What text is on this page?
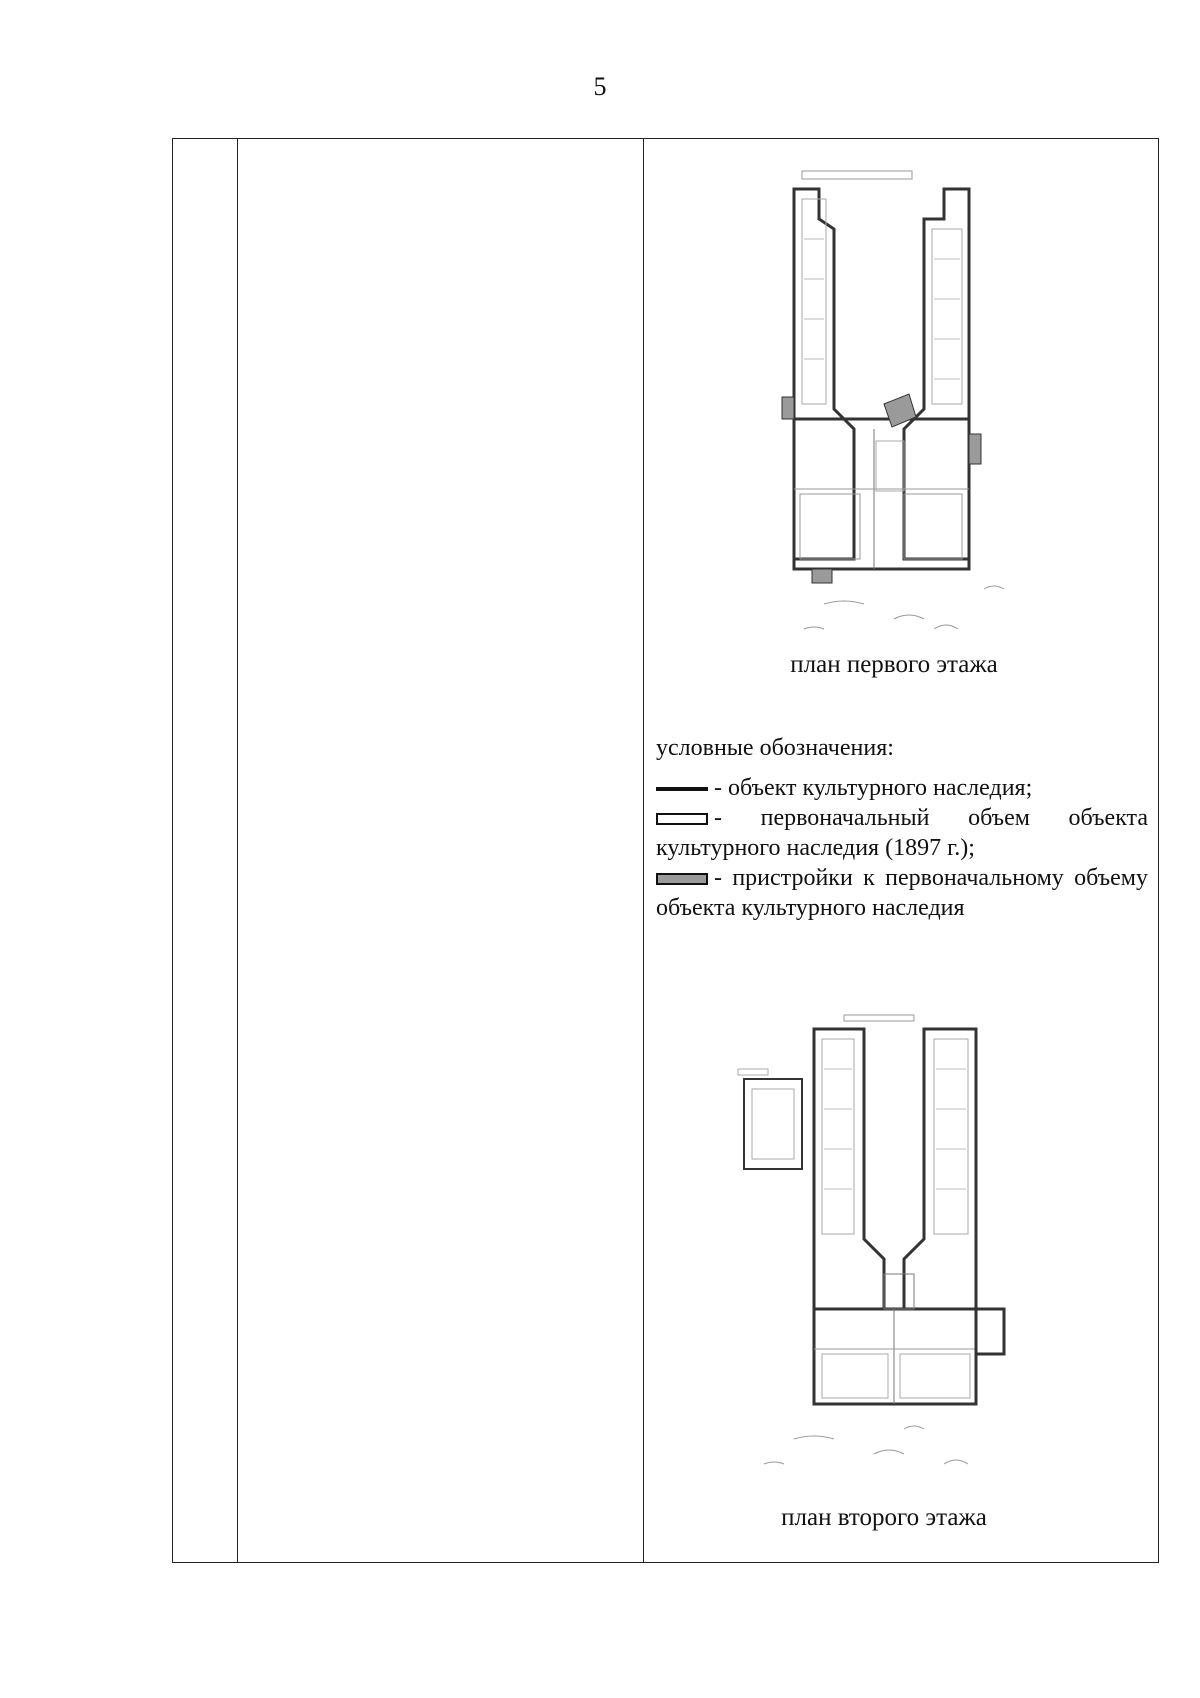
5
план первого этажа
условные обозначения:
- объект культурного наследия;
- первоначальный объем объекта культурного наследия (1897 г.);
- пристройки к первоначальному объему объекта культурного наследия
план второго этажа
